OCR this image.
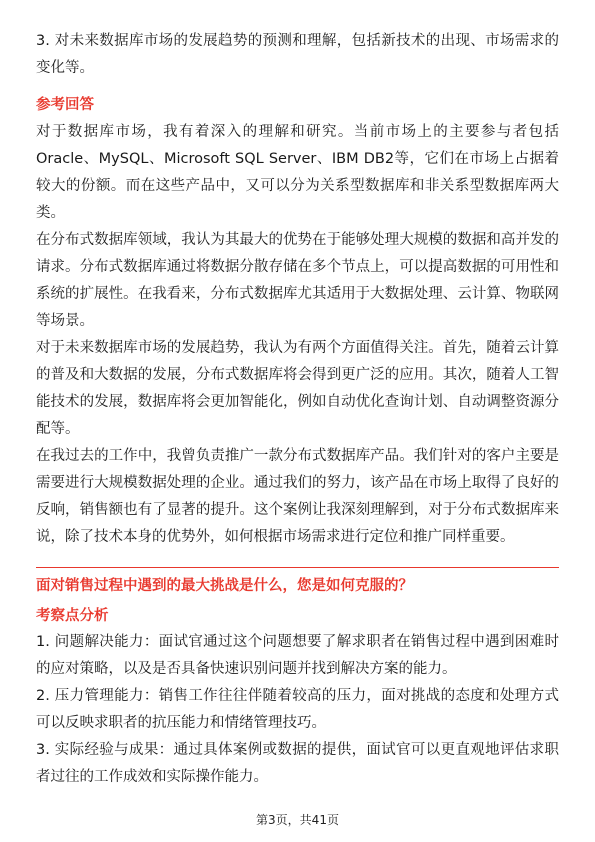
3. 对未来数据库市场的发展趋势的预测和理解，包括新技术的出现、市场需求的变化等。

参考回答

对于数据库市场，我有着深入的理解和研究。当前市场上的主要参与者包括Oracle、MySQL、Microsoft SQL Server、IBM DB2等，它们在市场上占据着较大的份额。而在这些产品中，又可以分为关系型数据库和非关系型数据库两大类。

在分布式数据库领域，我认为其最大的优势在于能够处理大规模的数据和高并发的请求。分布式数据库通过将数据分散存储在多个节点上，可以提高数据的可用性和系统的扩展性。在我看来，分布式数据库尤其适用于大数据处理、云计算、物联网等场景。

对于未来数据库市场的发展趋势，我认为有两个方面值得关注。首先，随着云计算的普及和大数据的发展，分布式数据库将会得到更广泛的应用。其次，随着人工智能技术的发展，数据库将会更加智能化，例如自动优化查询计划、自动调整资源分配等。

在我过去的工作中，我曾负责推广一款分布式数据库产品。我们针对的客户主要是需要进行大规模数据处理的企业。通过我们的努力，该产品在市场上取得了良好的反响，销售额也有了显著的提升。这个案例让我深刻理解到，对于分布式数据库来说，除了技术本身的优势外，如何根据市场需求进行定位和推广同样重要。

面对销售过程中遇到的最大挑战是什么，您是如何克服的？
考察点分析

1. 问题解决能力：面试官通过这个问题想要了解求职者在销售过程中遇到困难时的应对策略，以及是否具备快速识别问题并找到解决方案的能力。

2. 压力管理能力：销售工作往往伴随着较高的压力，面对挑战的态度和处理方式可以反映求职者的抗压能力和情绪管理技巧。

3. 实际经验与成果：通过具体案例或数据的提供，面试官可以更直观地评估求职者过往的工作成效和实际操作能力。

第3页，共41页
